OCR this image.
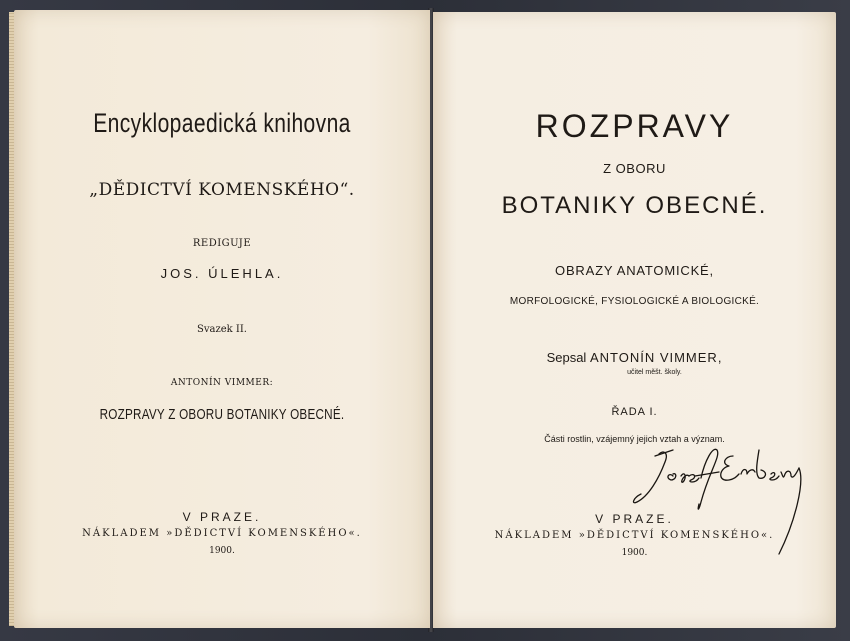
Encyklopaedická knihovna
„DĚDICTVÍ KOMENSKÉHO“.
REDIGUJE
JOS. ÚLEHLA.
Svazek II.
ANTONÍN VIMMER:
ROZPRAVY Z OBORU BOTANIKY OBECNÉ.
V PRAZE.
NÁKLADEM »DĚDICTVÍ KOMENSKÉHO«.
1900.
ROZPRAVY
Z OBORU
BOTANIKY OBECNÉ.
OBRAZY ANATOMICKÉ,
MORFOLOGICKÉ, FYSIOLOGICKÉ A BIOLOGICKÉ.
Sepsal ANTONÍN VIMMER,
učitel měšt. školy.
ŘADA I.
Části rostlin, vzájemný jejich vztah a význam.
V PRAZE.
NÁKLADEM »DĚDICTVÍ KOMENSKÉHO«.
1900.
